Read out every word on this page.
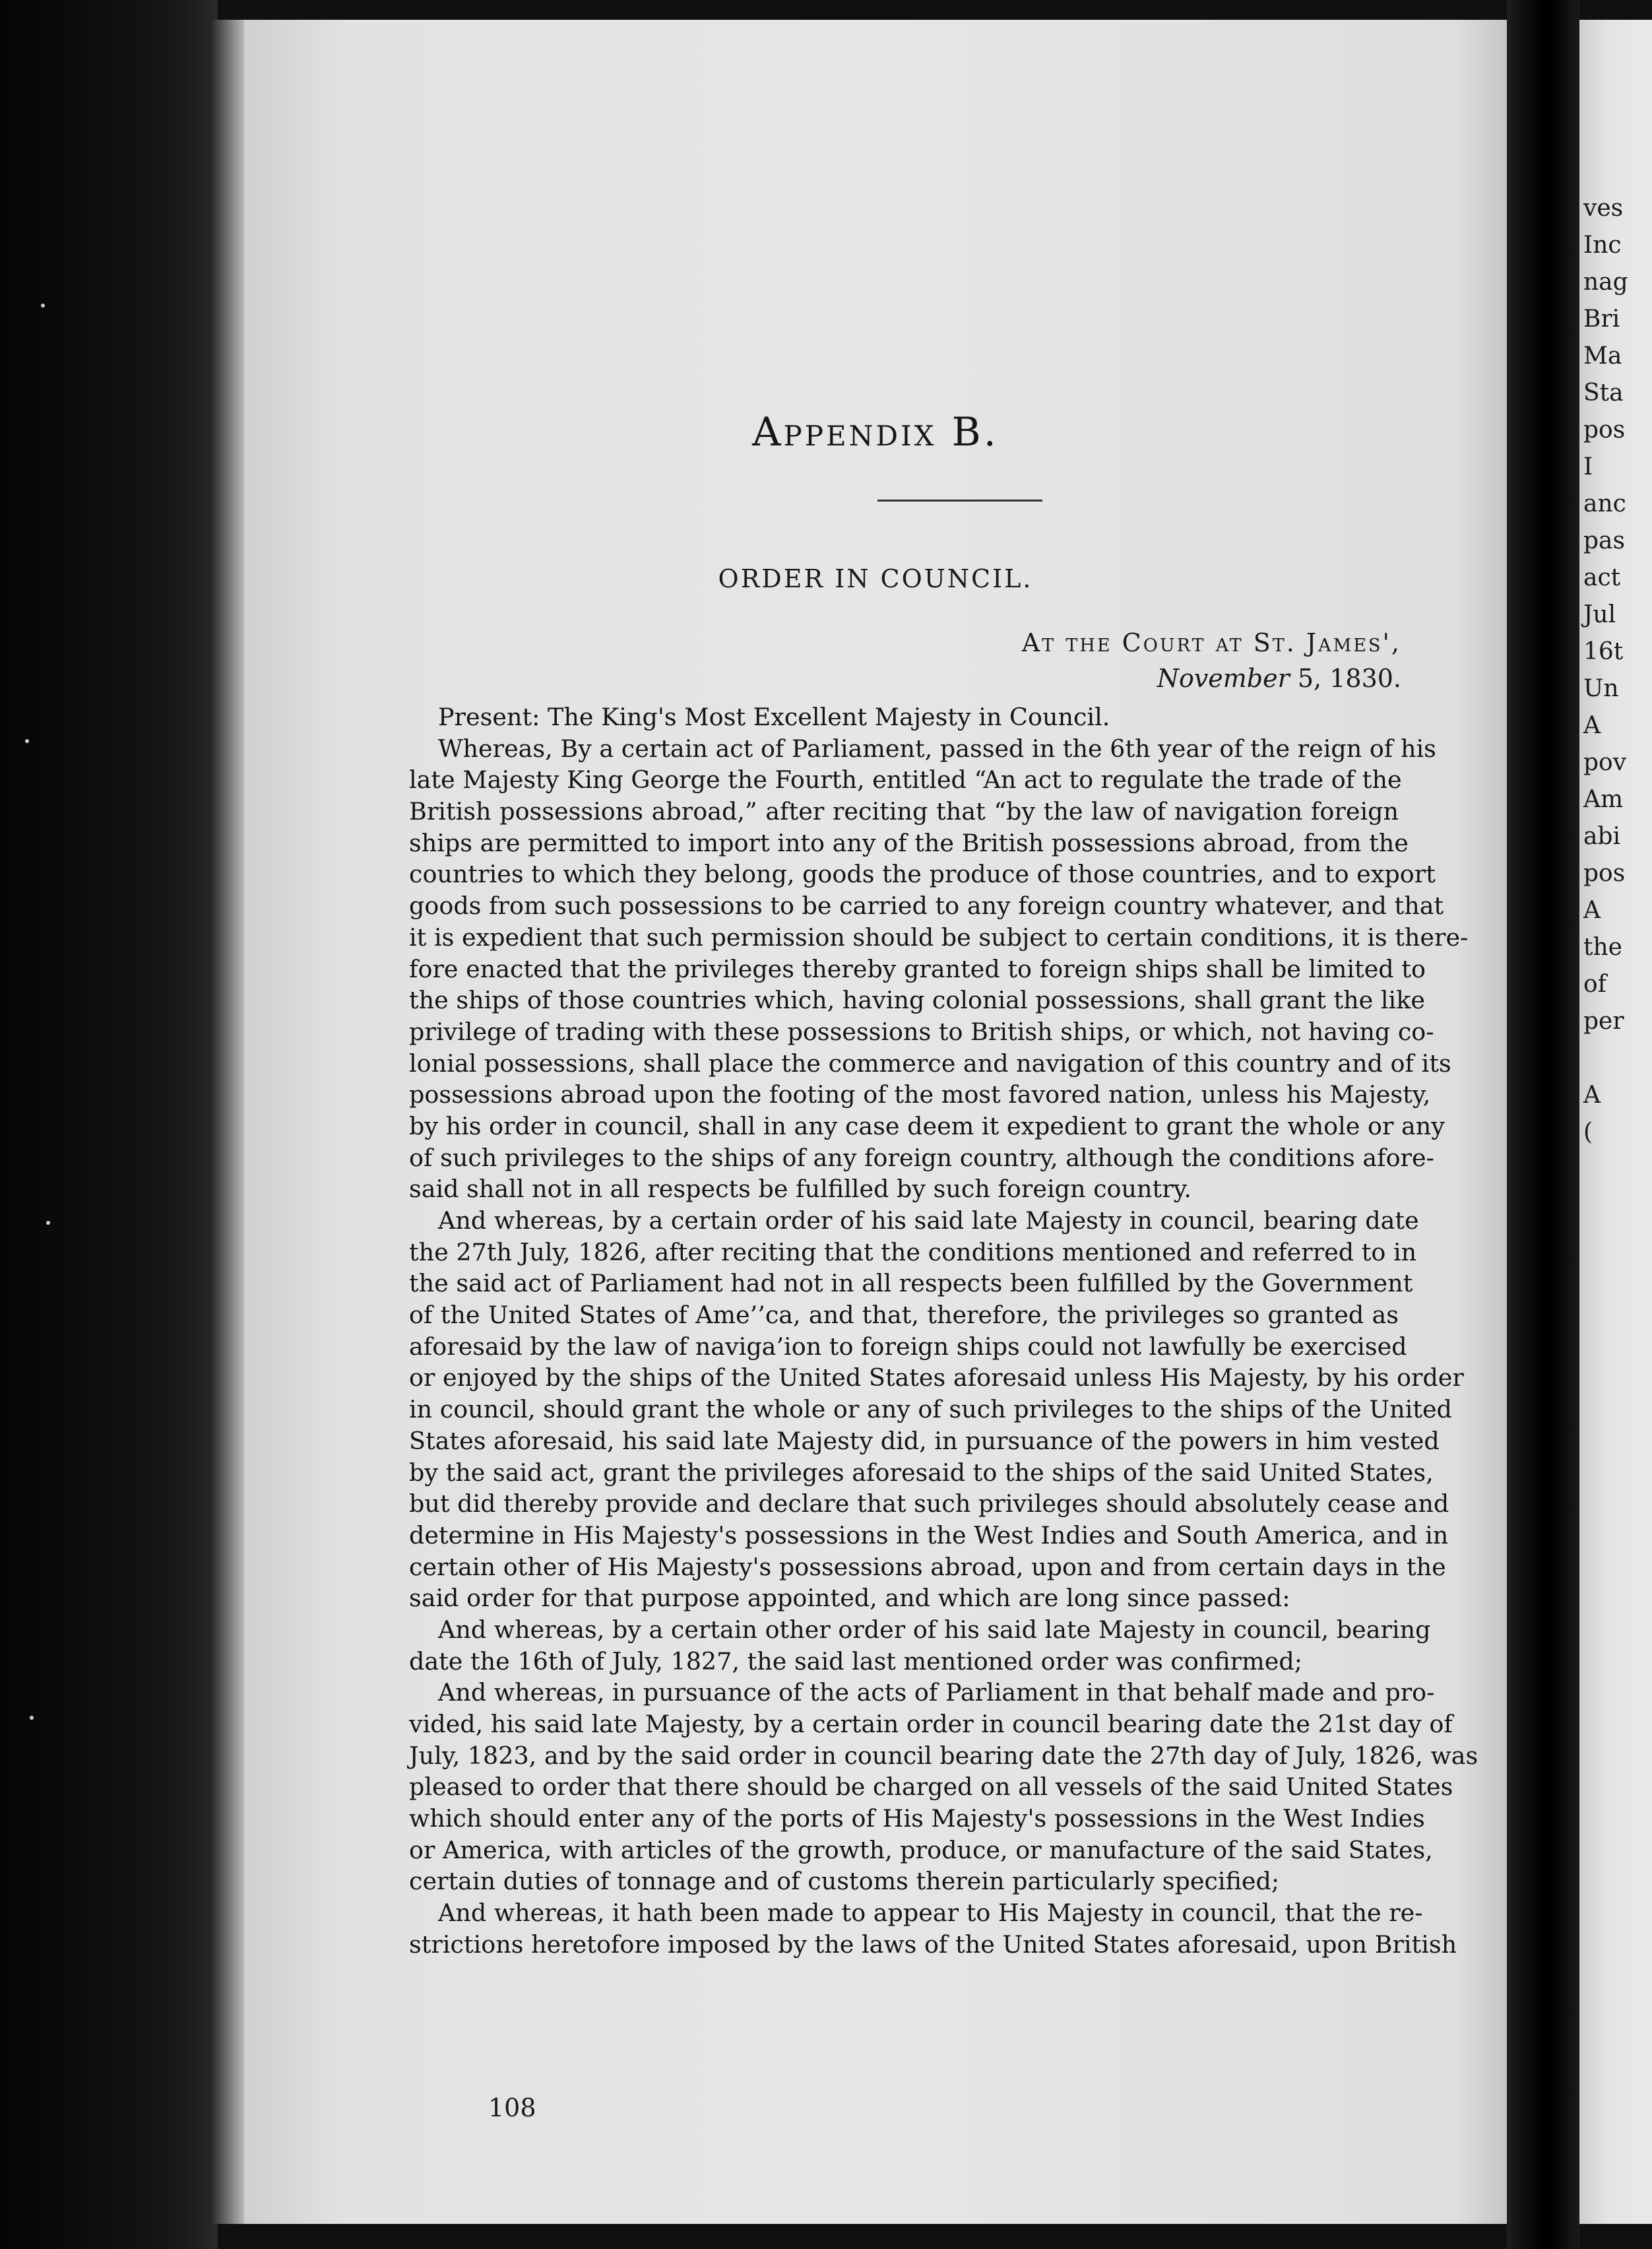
Appendix B.
ORDER IN COUNCIL.
At the Court at St. James',
November 5, 1830.
Present: The King's Most Excellent Majesty in Council.
Whereas, By a certain act of Parliament, passed in the 6th year of the reign of his
late Majesty King George the Fourth, entitled “An act to regulate the trade of the
British possessions abroad,” after reciting that “by the law of navigation foreign
ships are permitted to import into any of the British possessions abroad, from the
countries to which they belong, goods the produce of those countries, and to export
goods from such possessions to be carried to any foreign country whatever, and that
it is expedient that such permission should be subject to certain conditions, it is there-
fore enacted that the privileges thereby granted to foreign ships shall be limited to
the ships of those countries which, having colonial possessions, shall grant the like
privilege of trading with these possessions to British ships, or which, not having co-
lonial possessions, shall place the commerce and navigation of this country and of its
possessions abroad upon the footing of the most favored nation, unless his Majesty,
by his order in council, shall in any case deem it expedient to grant the whole or any
of such privileges to the ships of any foreign country, although the conditions afore-
said shall not in all respects be fulfilled by such foreign country.
And whereas, by a certain order of his said late Majesty in council, bearing date
the 27th July, 1826, after reciting that the conditions mentioned and referred to in
the said act of Parliament had not in all respects been fulfilled by the Government
of the United States of Ame’’ca, and that, therefore, the privileges so granted as
aforesaid by the law of naviga’ion to foreign ships could not lawfully be exercised
or enjoyed by the ships of the United States aforesaid unless His Majesty, by his order
in council, should grant the whole or any of such privileges to the ships of the United
States aforesaid, his said late Majesty did, in pursuance of the powers in him vested
by the said act, grant the privileges aforesaid to the ships of the said United States,
but did thereby provide and declare that such privileges should absolutely cease and
determine in His Majesty's possessions in the West Indies and South America, and in
certain other of His Majesty's possessions abroad, upon and from certain days in the
said order for that purpose appointed, and which are long since passed:
And whereas, by a certain other order of his said late Majesty in council, bearing
date the 16th of July, 1827, the said last mentioned order was confirmed;
And whereas, in pursuance of the acts of Parliament in that behalf made and pro-
vided, his said late Majesty, by a certain order in council bearing date the 21st day of
July, 1823, and by the said order in council bearing date the 27th day of July, 1826, was
pleased to order that there should be charged on all vessels of the said United States
which should enter any of the ports of His Majesty's possessions in the West Indies
or America, with articles of the growth, produce, or manufacture of the said States,
certain duties of tonnage and of customs therein particularly specified;
And whereas, it hath been made to appear to His Majesty in council, that the re-
strictions heretofore imposed by the laws of the United States aforesaid, upon British
108
ves
Inc
nag
Bri
Ma
Sta
pos
I
anc
pas
act
Jul
16t
Un
A
pov
Am
abi
pos
A
the
of
per
A
(
